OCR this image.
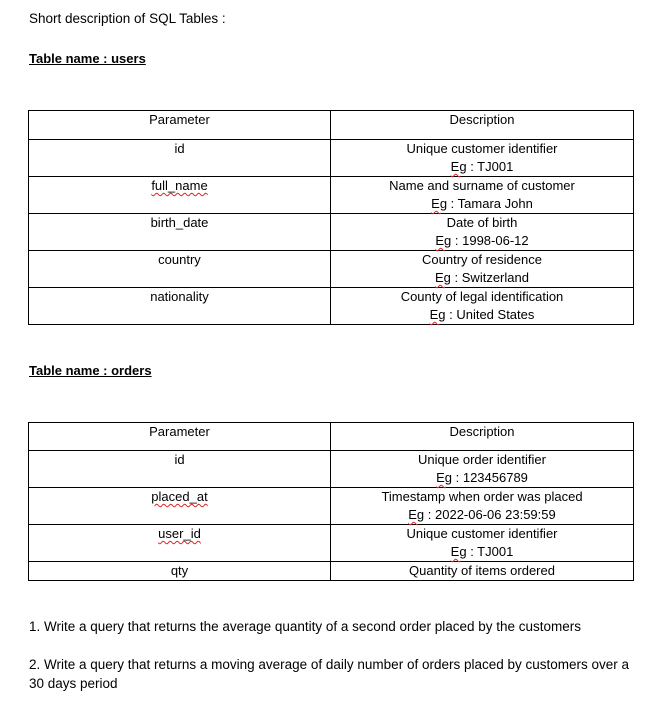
Short description of SQL Tables :
Table name : users
Parameter	Description
id	Unique customer identifier
Eg : TJ001

full_name	Name and surname of customer
Eg : Tamara John

birth_date	Date of birth
Eg : 1998-06-12

country	Country of residence
Eg : Switzerland

nationality	County of legal identification
Eg : United States
Table name : orders
Parameter	Description
id	Unique order identifier
Eg : 123456789

placed_at	Timestamp when order was placed
Eg : 2022-06-06 23:59:59

user_id	Unique customer identifier
Eg : TJ001

qty	Quantity of items ordered
1. Write a query that returns the average quantity of a second order placed by the customers
2. Write a query that returns a moving average of daily number of orders placed by customers over a 30 days period
